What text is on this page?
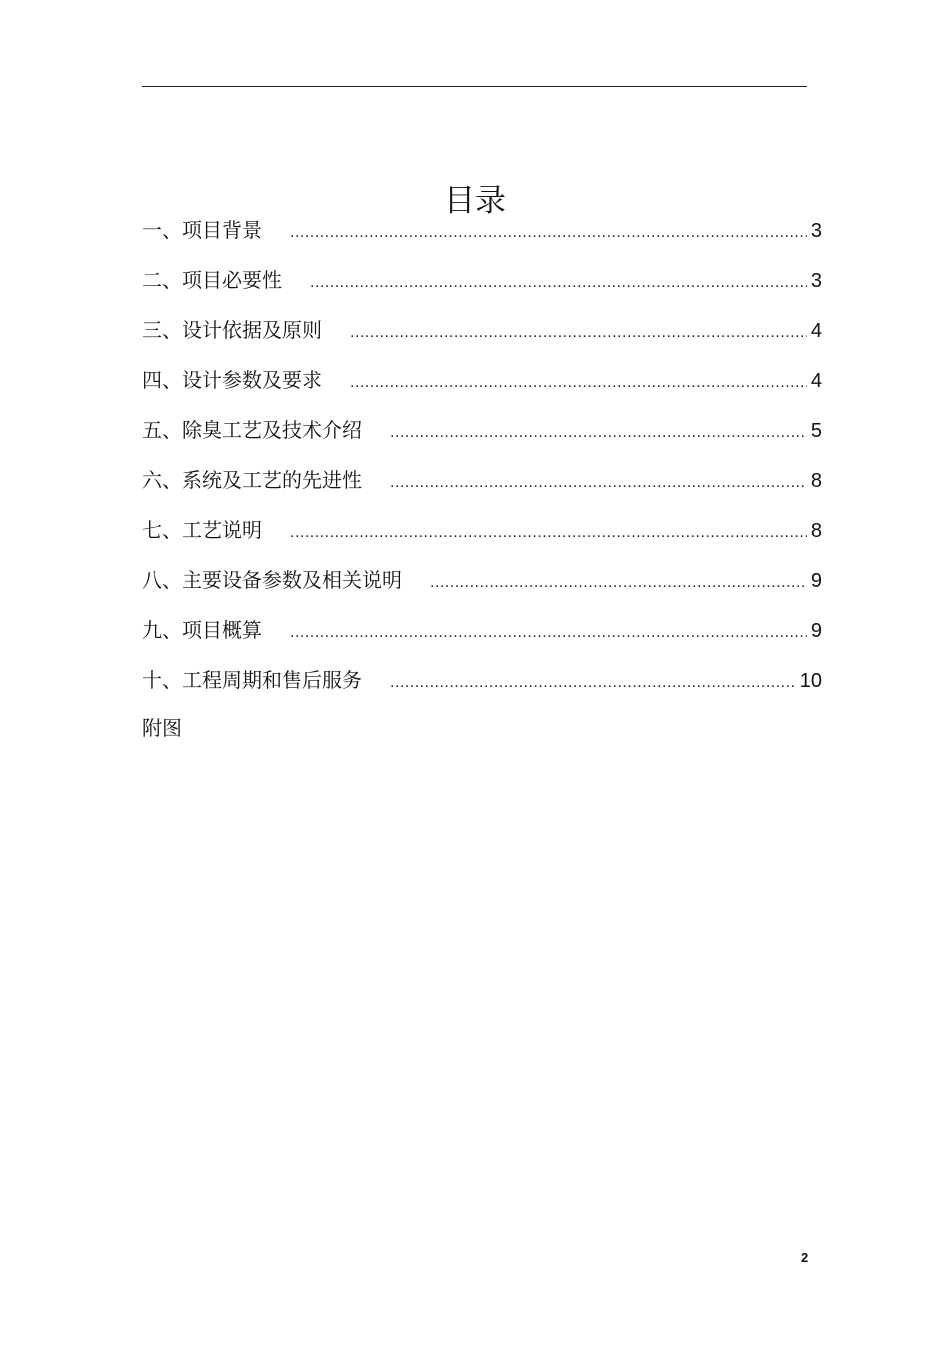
目录
一、项目背景 .....	3
二、项目必要性 .....	3
三、设计依据及原则 .....	4
四、设计参数及要求 .....	4
五、除臭工艺及技术介绍 .....	5
六、系统及工艺的先进性 .....	8
七、工艺说明 .....	8
八、主要设备参数及相关说明 .....	9
九、项目概算 .....	9
十、工程周期和售后服务 .....	10
附图
2
